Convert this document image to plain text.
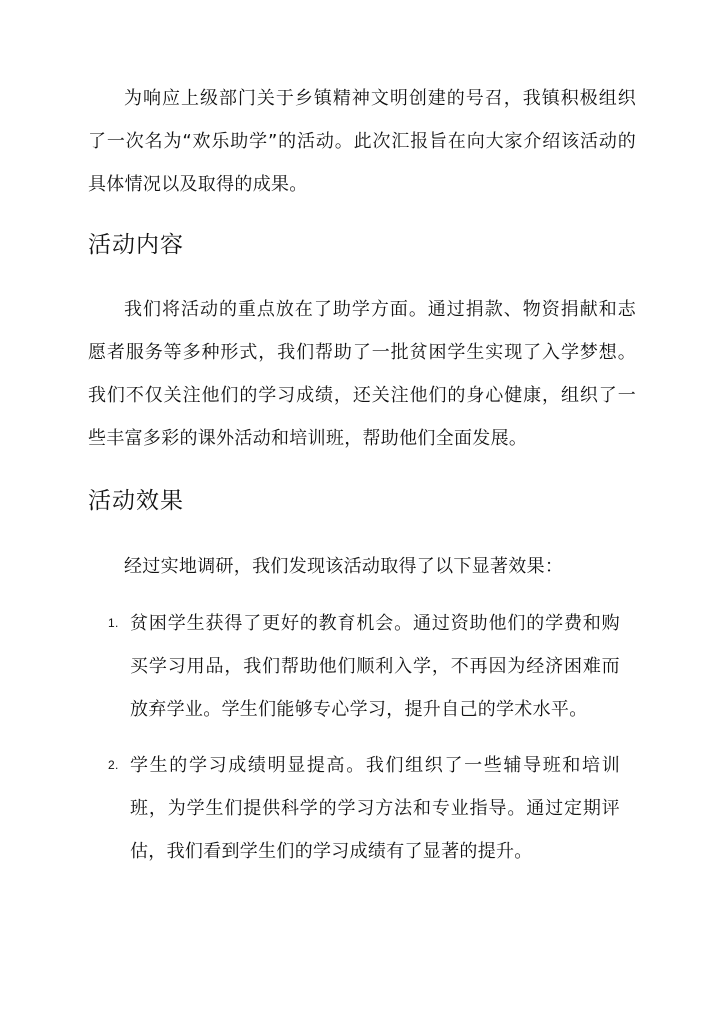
为响应上级部门关于乡镇精神文明创建的号召，我镇积极组织了一次名为“欢乐助学”的活动。此次汇报旨在向大家介绍该活动的具体情况以及取得的成果。

活动内容

我们将活动的重点放在了助学方面。通过捐款、物资捐献和志愿者服务等多种形式，我们帮助了一批贫困学生实现了入学梦想。我们不仅关注他们的学习成绩，还关注他们的身心健康，组织了一些丰富多彩的课外活动和培训班，帮助他们全面发展。

活动效果

经过实地调研，我们发现该活动取得了以下显著效果：

1. 贫困学生获得了更好的教育机会。通过资助他们的学费和购买学习用品，我们帮助他们顺利入学，不再因为经济困难而放弃学业。学生们能够专心学习，提升自己的学术水平。
2. 学生的学习成绩明显提高。我们组织了一些辅导班和培训班，为学生们提供科学的学习方法和专业指导。通过定期评估，我们看到学生们的学习成绩有了显著的提升。
